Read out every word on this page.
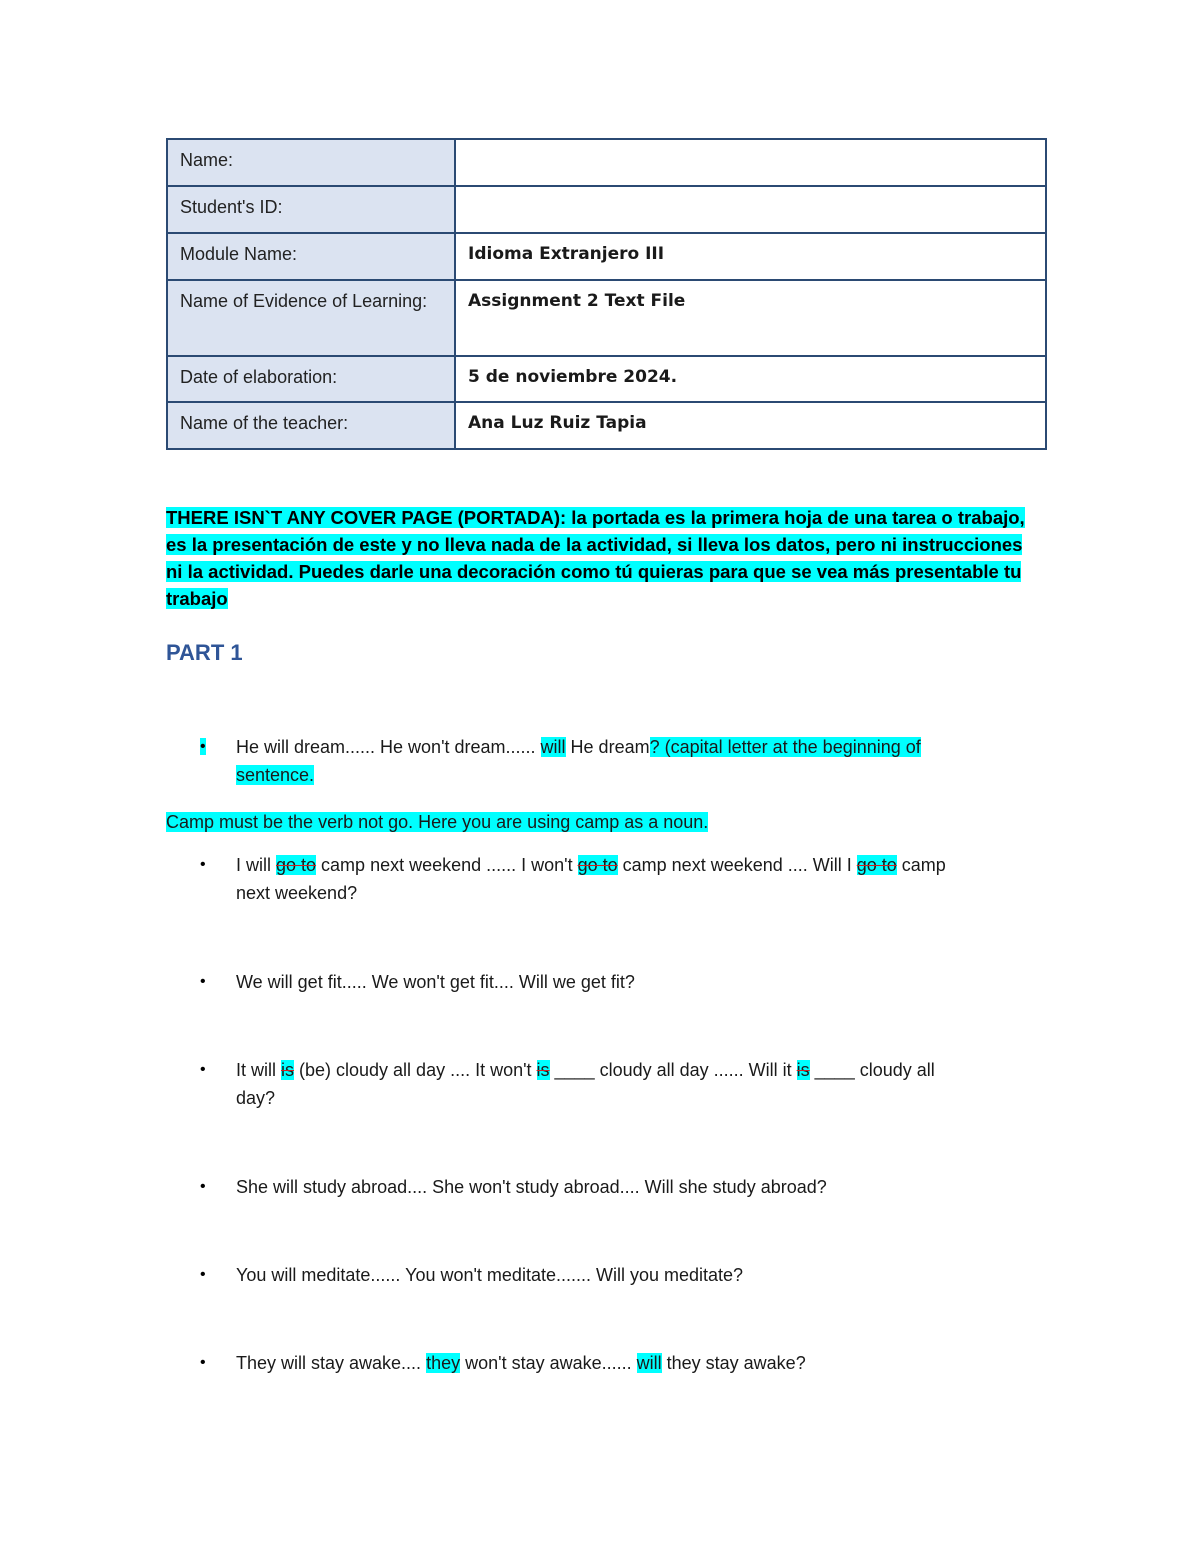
Name:	
Student's ID:	
Module Name:	Idioma Extranjero III
Name of Evidence of Learning:	Assignment 2 Text File
Date of elaboration:	5 de noviembre 2024.
Name of the teacher:	Ana Luz Ruiz Tapia
THERE ISN`T ANY COVER PAGE (PORTADA): la portada es la primera hoja de una tarea o trabajo, es la presentación de este y no lleva nada de la actividad, si lleva los datos, pero ni instrucciones ni la actividad. Puedes darle una decoración como tú quieras para que se vea más presentable tu trabajo
PART 1
• He will dream...... He won't dream...... will He dream? (capital letter at the beginning of
sentence.
Camp must be the verb not go. Here you are using camp as a noun.
• I will go to camp next weekend ...... I won't go to camp next weekend .... Will I go to camp
next weekend?
• We will get fit..... We won't get fit.... Will we get fit?
• It will is (be) cloudy all day .... It won't is ____ cloudy all day ...... Will it is ____ cloudy all
day?
• She will study abroad.... She won't study abroad.... Will she study abroad?
• You will meditate...... You won't meditate....... Will you meditate?
• They will stay awake.... they won't stay awake...... will they stay awake?
